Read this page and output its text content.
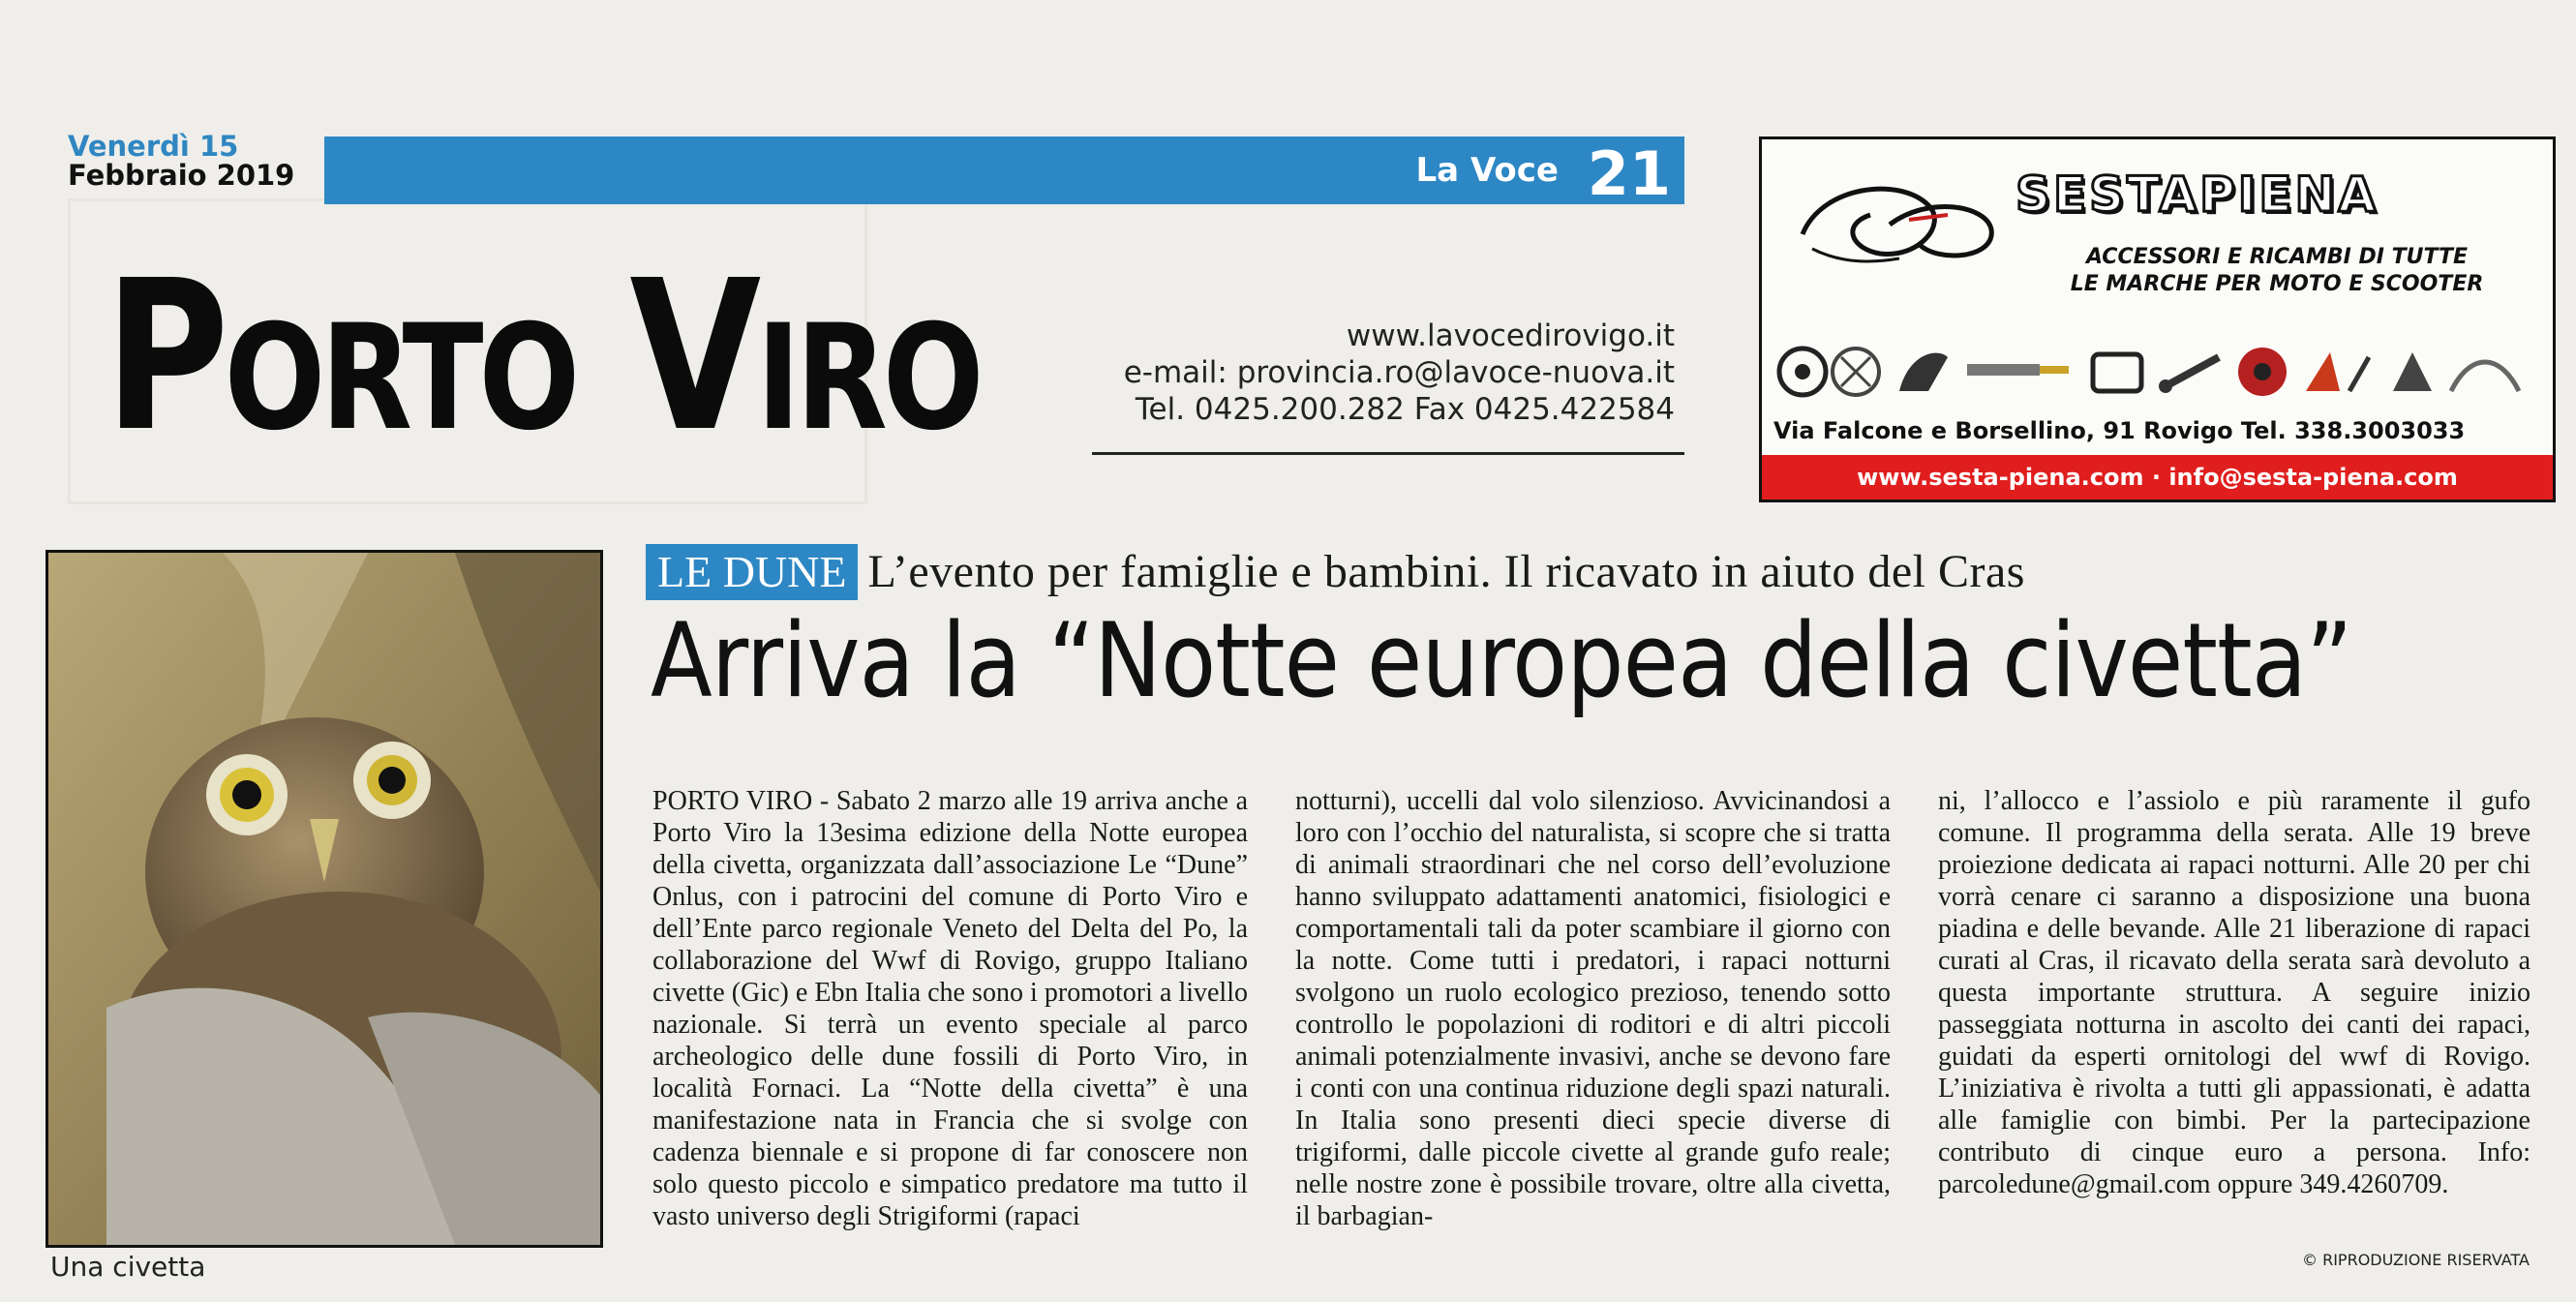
Venerdì 15
Febbraio 2019	La Voce 21
Porto Viro	www.lavocedirovigo.it
e-mail: provincia.ro@lavoce-nuova.it
Tel. 0425.200.282 Fax 0425.422584
SESTAPIENA
ACCESSORI E RICAMBI DI TUTTE
LE MARCHE PER MOTO E SCOOTER
Via Falcone e Borsellino, 91 Rovigo Tel. 338.3003033
www.sesta-piena.com · info@sesta-piena.com
Una civetta
LE DUNE L’evento per famiglie e bambini. Il ricavato in aiuto del Cras
Arriva la “Notte europea della civetta”
PORTO VIRO - Sabato 2 marzo alle 19 arriva anche a Porto Viro la 13esima edizione della Notte europea della civetta, organizzata dall’associazione Le “Dune” Onlus, con i patrocini del comune di Porto Viro e dell’Ente parco regionale Veneto del Delta del Po, la collaborazione del Wwf di Rovigo, gruppo Italiano civette (Gic) e Ebn Italia che sono i promotori a livello nazionale. Si terrà un evento speciale al parco archeologico delle dune fossili di Porto Viro, in località Fornaci. La “Notte della civetta” è una manifestazione nata in Francia che si svolge con cadenza biennale e si propone di far conoscere non solo questo piccolo e simpatico predatore ma tutto il vasto universo degli Strigiformi (rapaci
notturni), uccelli dal volo silenzioso. Avvicinandosi a loro con l’occhio del naturalista, si scopre che si tratta di animali straordinari che nel corso dell’evoluzione hanno sviluppato adattamenti anatomici, fisiologici e comportamentali tali da poter scambiare il giorno con la notte. Come tutti i predatori, i rapaci notturni svolgono un ruolo ecologico prezioso, tenendo sotto controllo le popolazioni di roditori e di altri piccoli animali potenzialmente invasivi, anche se devono fare i conti con una continua riduzione degli spazi naturali. In Italia sono presenti dieci specie diverse di trigiformi, dalle piccole civette al grande gufo reale; nelle nostre zone è possibile trovare, oltre alla civetta, il barbagian-
ni, l’allocco e l’assiolo e più raramente il gufo comune. Il programma della serata. Alle 19 breve proiezione dedicata ai rapaci notturni. Alle 20 per chi vorrà cenare ci saranno a disposizione una buona piadina e delle bevande. Alle 21 liberazione di rapaci curati al Cras, il ricavato della serata sarà devoluto a questa importante struttura. A seguire inizio passeggiata notturna in ascolto dei canti dei rapaci, guidati da esperti ornitologi del wwf di Rovigo. L’iniziativa è rivolta a tutti gli appassionati, è adatta alle famiglie con bimbi. Per la partecipazione contributo di cinque euro a persona. Info: parcoledune@gmail.com oppure 349.4260709.
© RIPRODUZIONE RISERVATA
